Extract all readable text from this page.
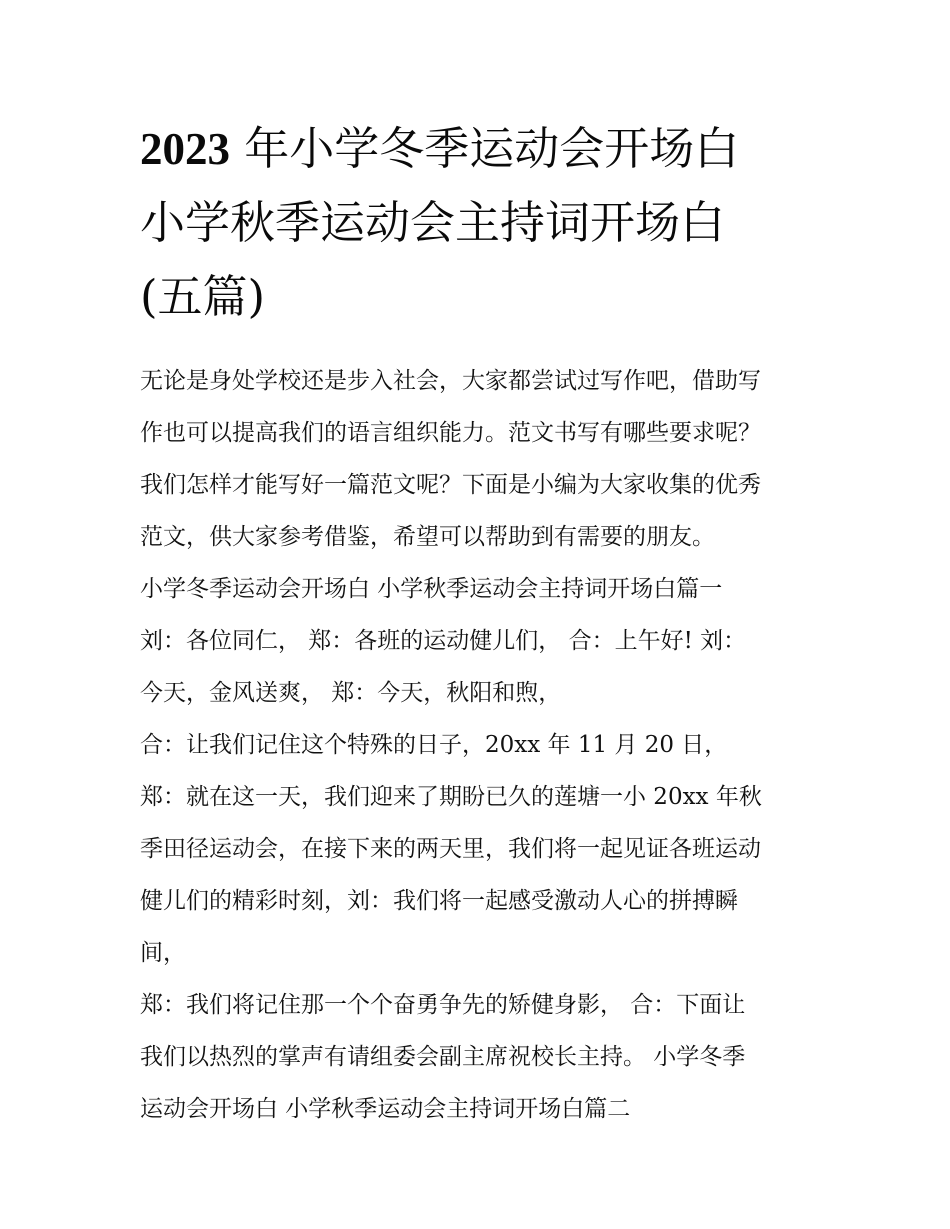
2023 年小学冬季运动会开场白
小学秋季运动会主持词开场白
(五篇)
无论是身处学校还是步入社会，大家都尝试过写作吧，借助写
作也可以提高我们的语言组织能力。范文书写有哪些要求呢？
我们怎样才能写好一篇范文呢？下面是小编为大家收集的优秀
范文，供大家参考借鉴，希望可以帮助到有需要的朋友。
小学冬季运动会开场白 小学秋季运动会主持词开场白篇一
刘：各位同仁， 郑：各班的运动健儿们， 合：上午好! 刘：
今天，金风送爽， 郑：今天，秋阳和煦，
合：让我们记住这个特殊的日子，20xx 年 11 月 20 日，
郑：就在这一天，我们迎来了期盼已久的莲塘一小 20xx 年秋
季田径运动会，在接下来的两天里，我们将一起见证各班运动
健儿们的精彩时刻，刘：我们将一起感受激动人心的拼搏瞬
间，
郑：我们将记住那一个个奋勇争先的矫健身影， 合：下面让
我们以热烈的掌声有请组委会副主席祝校长主持。 小学冬季
运动会开场白 小学秋季运动会主持词开场白篇二
